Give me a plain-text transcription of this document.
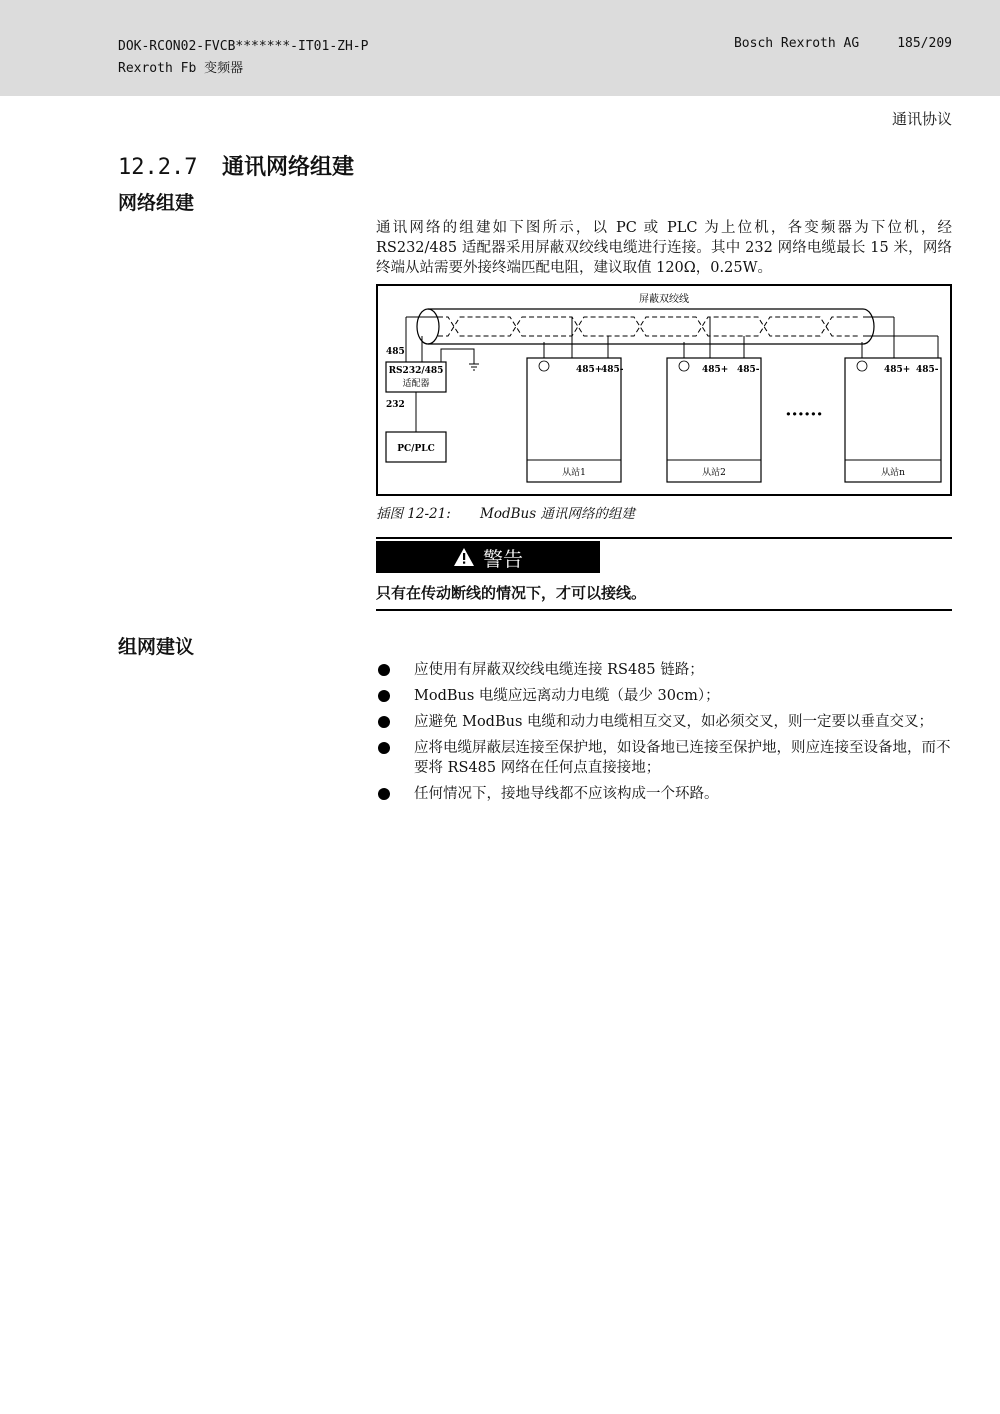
DOK-RCON02-FVCB*******-IT01-ZH-P
Rexroth Fb 变频器
Bosch Rexroth AG	185/209
通讯协议
12.2.7 通讯网络组建
网络组建
通讯网络的组建如下图所示，以 PC 或 PLC 为上位机，各变频器为下位机，经 RS232/485 适配器采用屏蔽双绞线电缆进行连接。其中 232 网络电缆最长 15 米，网络终端从站需要外接终端匹配电阻，建议取值 120Ω，0.25W。
屏蔽双绞线
485
RS232/485
适配器
232
PC/PLC
485+
485-
从站1
485+ 485-
从站2
······
485+ 485-
从站n
插图 12-21: ModBus 通讯网络的组建
警告
只有在传动断线的情况下，才可以接线。
组网建议
应使用有屏蔽双绞线电缆连接 RS485 链路；
ModBus 电缆应远离动力电缆（最少 30cm）；
应避免 ModBus 电缆和动力电缆相互交叉，如必须交叉，则一定要以垂直交叉；
应将电缆屏蔽层连接至保护地，如设备地已连接至保护地，则应连接至设备地，而不要将 RS485 网络在任何点直接接地；
任何情况下，接地导线都不应该构成一个环路。
